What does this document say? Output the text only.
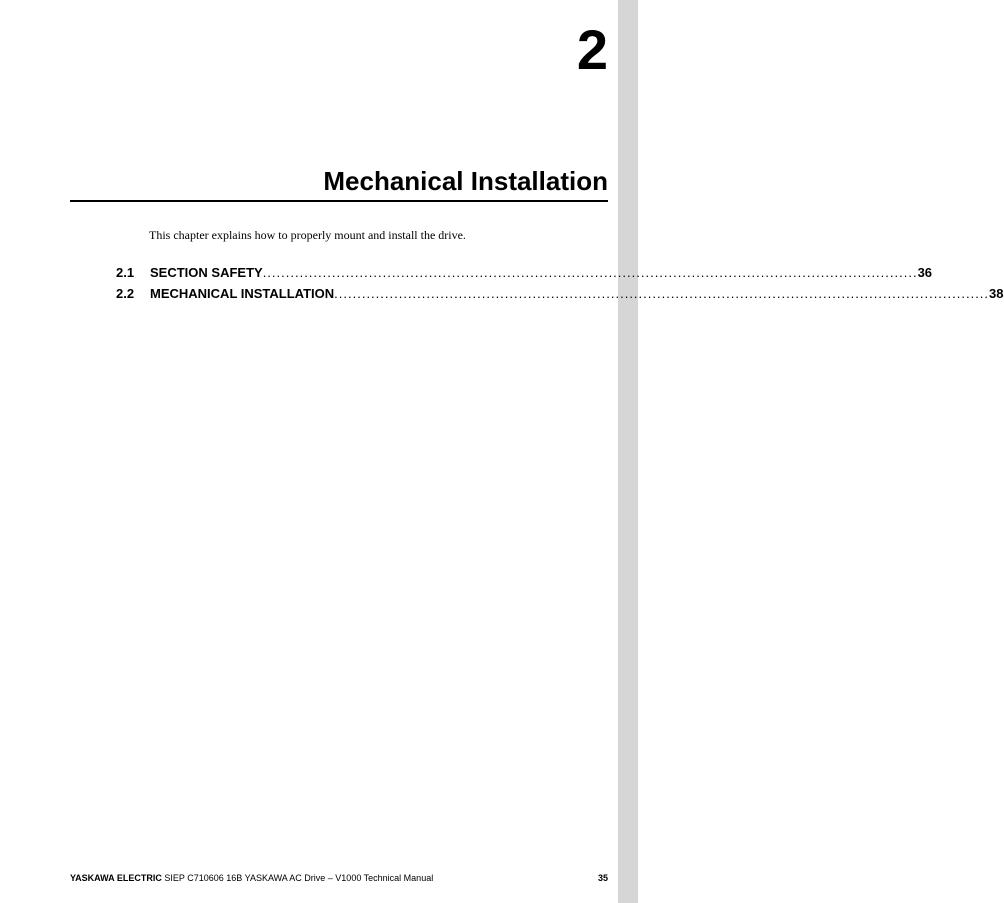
2
Mechanical Installation
This chapter explains how to properly mount and install the drive.
2.1	SECTION SAFETY .............................................................................................................................................. 36
2.2	MECHANICAL INSTALLATION .............................................................................................................................................. 38
YASKAWA ELECTRIC SIEP C710606 16B YASKAWA AC Drive – V1000 Technical Manual	35
